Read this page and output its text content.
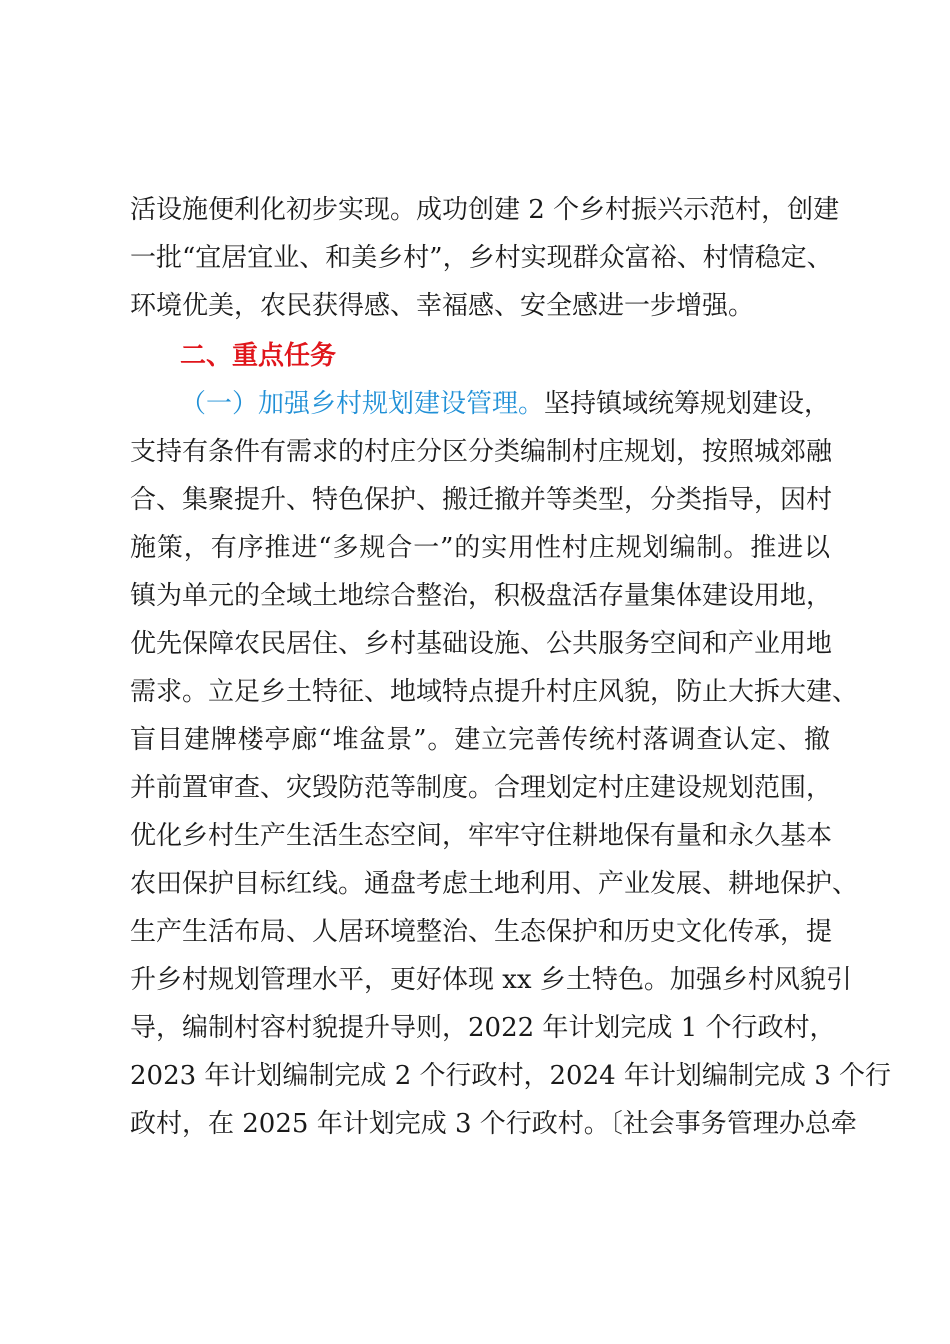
活设施便利化初步实现。成功创建 2 个乡村振兴示范村，创建
一批“宜居宜业、和美乡村”，乡村实现群众富裕、村情稳定、
环境优美，农民获得感、幸福感、安全感进一步增强。
二、重点任务
（一）加强乡村规划建设管理。坚持镇域统筹规划建设，
支持有条件有需求的村庄分区分类编制村庄规划，按照城郊融
合、集聚提升、特色保护、搬迁撤并等类型，分类指导，因村
施策，有序推进“多规合一”的实用性村庄规划编制。推进以
镇为单元的全域土地综合整治，积极盘活存量集体建设用地，
优先保障农民居住、乡村基础设施、公共服务空间和产业用地
需求。立足乡土特征、地域特点提升村庄风貌，防止大拆大建、
盲目建牌楼亭廊“堆盆景”。建立完善传统村落调查认定、撤
并前置审查、灾毁防范等制度。合理划定村庄建设规划范围，
优化乡村生产生活生态空间，牢牢守住耕地保有量和永久基本
农田保护目标红线。通盘考虑土地利用、产业发展、耕地保护、
生产生活布局、人居环境整治、生态保护和历史文化传承，提
升乡村规划管理水平，更好体现 xx 乡土特色。加强乡村风貌引
导，编制村容村貌提升导则，2022 年计划完成 1 个行政村，
2023 年计划编制完成 2 个行政村，2024 年计划编制完成 3 个行
政村，在 2025 年计划完成 3 个行政村。〔社会事务管理办总牵
